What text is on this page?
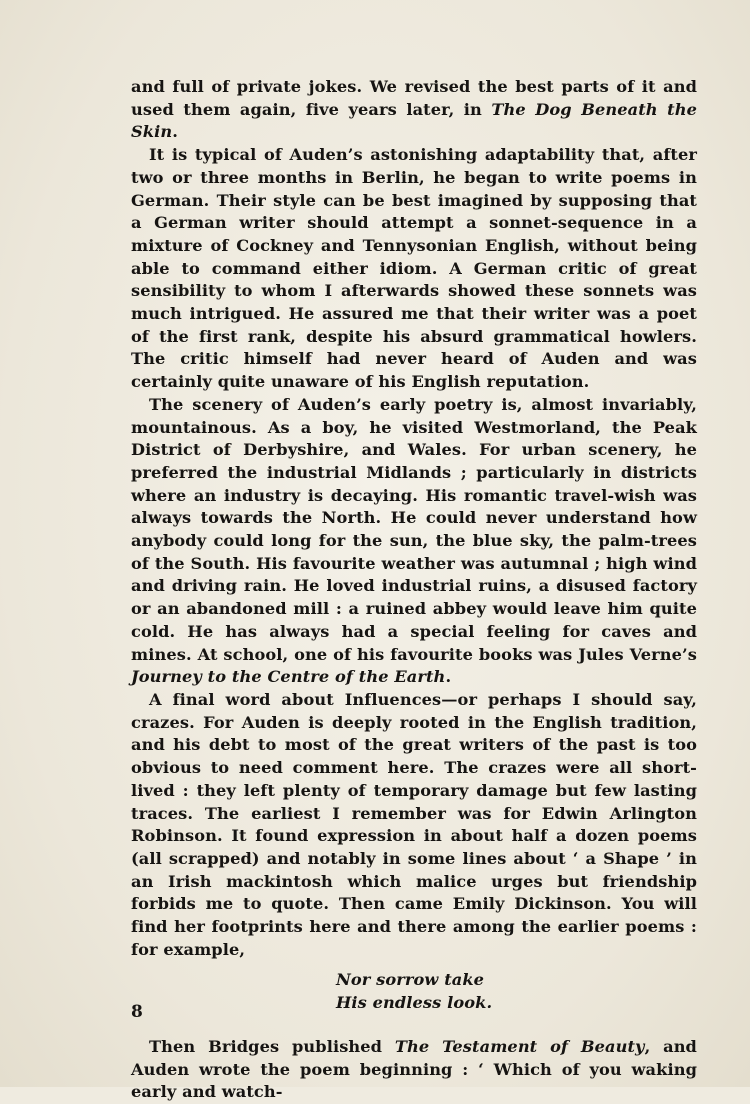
and full of private jokes. We revised the best parts of it and used them again, five years later, in The Dog Beneath the Skin.

It is typical of Auden’s astonishing adaptability that, after two or three months in Berlin, he began to write poems in German. Their style can be best imagined by supposing that a German writer should attempt a sonnet-sequence in a mixture of Cockney and Tennysonian English, without being able to command either idiom. A German critic of great sensibility to whom I afterwards showed these sonnets was much intrigued. He assured me that their writer was a poet of the first rank, despite his absurd grammatical howlers. The critic himself had never heard of Auden and was certainly quite unaware of his English reputation.

The scenery of Auden’s early poetry is, almost invariably, mountainous. As a boy, he visited Westmorland, the Peak District of Derbyshire, and Wales. For urban scenery, he preferred the industrial Midlands ; particularly in districts where an industry is decaying. His romantic travel-wish was always towards the North. He could never understand how anybody could long for the sun, the blue sky, the palm-trees of the South. His favourite weather was autumnal ; high wind and driving rain. He loved industrial ruins, a disused factory or an abandoned mill : a ruined abbey would leave him quite cold. He has always had a special feeling for caves and mines. At school, one of his favourite books was Jules Verne’s Journey to the Centre of the Earth.

A final word about Influences—or perhaps I should say, crazes. For Auden is deeply rooted in the English tradition, and his debt to most of the great writers of the past is too obvious to need comment here. The crazes were all short-lived : they left plenty of temporary damage but few lasting traces. The earliest I remember was for Edwin Arlington Robinson. It found expression in about half a dozen poems (all scrapped) and notably in some lines about ‘ a Shape ’ in an Irish mackintosh which malice urges but friendship forbids me to quote. Then came Emily Dickinson. You will find her footprints here and there among the earlier poems : for example,

Nor sorrow take
His endless look.

Then Bridges published The Testament of Beauty, and Auden wrote the poem beginning : ‘ Which of you waking early and watch-

8
